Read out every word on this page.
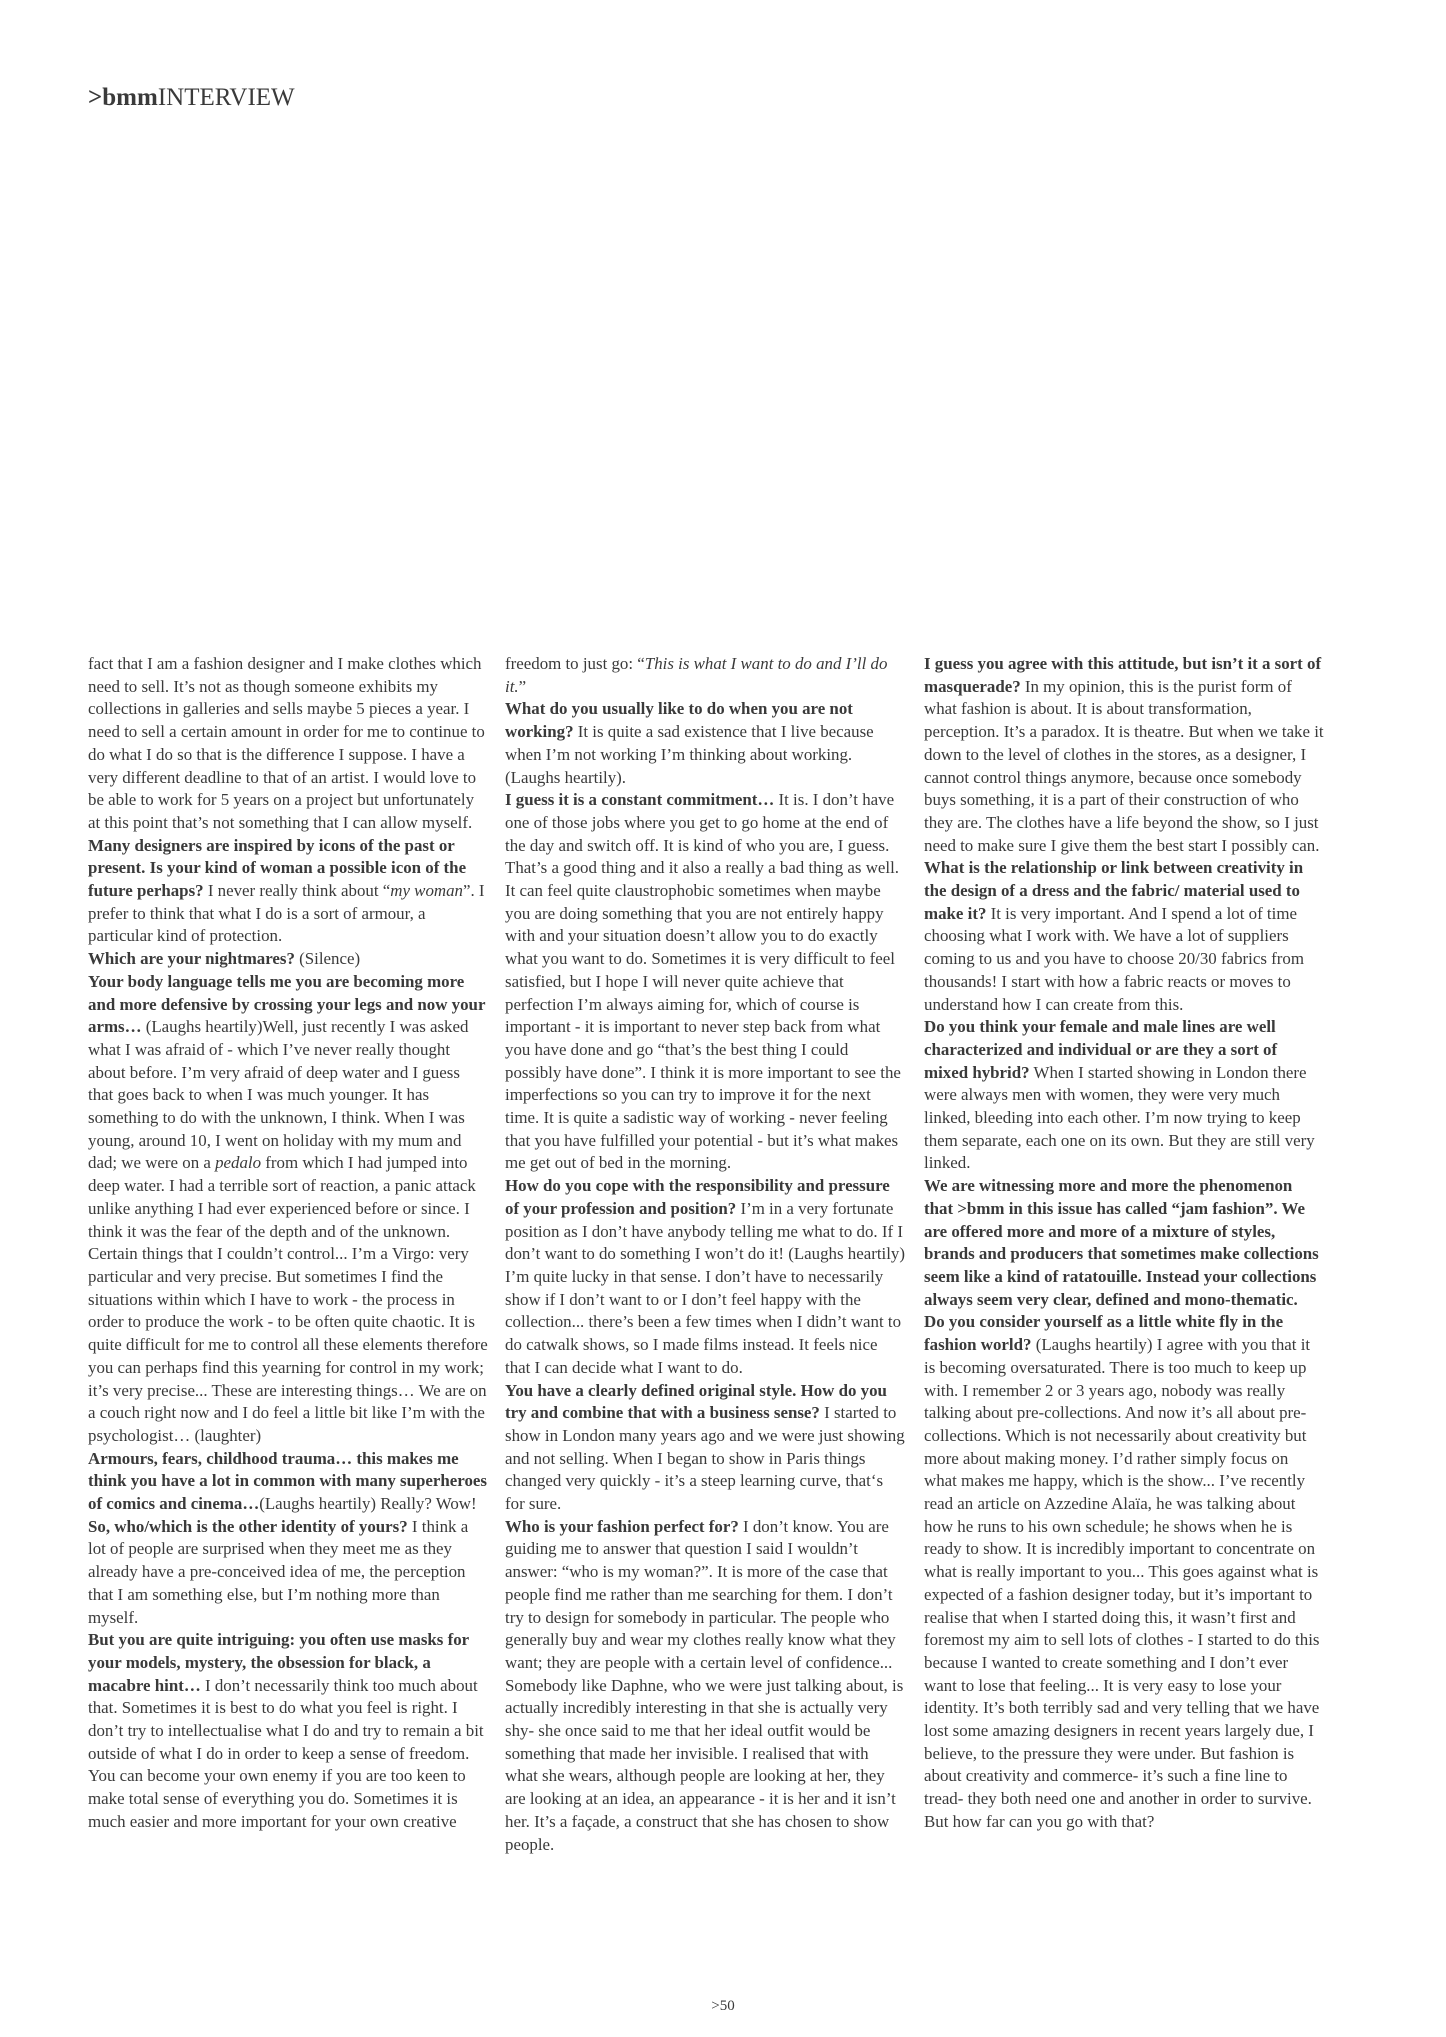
>bmmINTERVIEW

fact that I am a fashion designer and I make clothes which need to sell. It’s not as though someone exhibits my collections in galleries and sells maybe 5 pieces a year. I need to sell a certain amount in order for me to continue to do what I do so that is the difference I suppose. I have a very different deadline to that of an artist. I would love to be able to work for 5 years on a project but unfortunately at this point that’s not something that I can allow myself.

Many designers are inspired by icons of the past or present. Is your kind of woman a possible icon of the future perhaps? I never really think about “my woman”. I prefer to think that what I do is a sort of armour, a particular kind of protection.

Which are your nightmares? (Silence)

Your body language tells me you are becoming more and more defensive by crossing your legs and now your arms… (Laughs heartily)Well, just recently I was asked what I was afraid of - which I’ve never really thought about before. I’m very afraid of deep water and I guess that goes back to when I was much younger. It has something to do with the unknown, I think. When I was young, around 10, I went on holiday with my mum and dad; we were on a pedalo from which I had jumped into deep water. I had a terrible sort of reaction, a panic attack unlike anything I had ever experienced before or since. I think it was the fear of the depth and of the unknown. Certain things that I couldn’t control... I’m a Virgo: very particular and very precise. But sometimes I find the situations within which I have to work - the process in order to produce the work - to be often quite chaotic. It is quite difficult for me to control all these elements therefore you can perhaps find this yearning for control in my work; it’s very precise... These are interesting things… We are on a couch right now and I do feel a little bit like I’m with the psychologist… (laughter)

Armours, fears, childhood trauma… this makes me think you have a lot in common with many superheroes of comics and cinema…(Laughs heartily) Really? Wow!

So, who/which is the other identity of yours? I think a lot of people are surprised when they meet me as they already have a pre-conceived idea of me, the perception that I am something else, but I’m nothing more than myself.

But you are quite intriguing: you often use masks for your models, mystery, the obsession for black, a macabre hint… I don’t necessarily think too much about that. Sometimes it is best to do what you feel is right. I don’t try to intellectualise what I do and try to remain a bit outside of what I do in order to keep a sense of freedom. You can become your own enemy if you are too keen to make total sense of everything you do. Sometimes it is much easier and more important for your own creative

freedom to just go: “This is what I want to do and I’ll do it.”

What do you usually like to do when you are not working? It is quite a sad existence that I live because when I’m not working I’m thinking about working. (Laughs heartily).

I guess it is a constant commitment… It is. I don’t have one of those jobs where you get to go home at the end of the day and switch off. It is kind of who you are, I guess. That’s a good thing and it also a really a bad thing as well. It can feel quite claustrophobic sometimes when maybe you are doing something that you are not entirely happy with and your situation doesn’t allow you to do exactly what you want to do. Sometimes it is very difficult to feel satisfied, but I hope I will never quite achieve that perfection I’m always aiming for, which of course is important - it is important to never step back from what you have done and go “that’s the best thing I could possibly have done”. I think it is more important to see the imperfections so you can try to improve it for the next time. It is quite a sadistic way of working - never feeling that you have fulfilled your potential - but it’s what makes me get out of bed in the morning.

How do you cope with the responsibility and pressure of your profession and position? I’m in a very fortunate position as I don’t have anybody telling me what to do. If I don’t want to do something I won’t do it! (Laughs heartily) I’m quite lucky in that sense. I don’t have to necessarily show if I don’t want to or I don’t feel happy with the collection... there’s been a few times when I didn’t want to do catwalk shows, so I made films instead. It feels nice that I can decide what I want to do.

You have a clearly defined original style. How do you try and combine that with a business sense? I started to show in London many years ago and we were just showing and not selling. When I began to show in Paris things changed very quickly - it’s a steep learning curve, that‘s for sure.

Who is your fashion perfect for? I don’t know. You are guiding me to answer that question I said I wouldn’t answer: “who is my woman?”. It is more of the case that people find me rather than me searching for them. I don’t try to design for somebody in particular. The people who generally buy and wear my clothes really know what they want; they are people with a certain level of confidence... Somebody like Daphne, who we were just talking about, is actually incredibly interesting in that she is actually very shy- she once said to me that her ideal outfit would be something that made her invisible. I realised that with what she wears, although people are looking at her, they are looking at an idea, an appearance - it is her and it isn’t her. It’s a façade, a construct that she has chosen to show people.

I guess you agree with this attitude, but isn’t it a sort of masquerade? In my opinion, this is the purist form of what fashion is about. It is about transformation, perception. It’s a paradox. It is theatre. But when we take it down to the level of clothes in the stores, as a designer, I cannot control things anymore, because once somebody buys something, it is a part of their construction of who they are. The clothes have a life beyond the show, so I just need to make sure I give them the best start I possibly can.

What is the relationship or link between creativity in the design of a dress and the fabric/ material used to make it? It is very important. And I spend a lot of time choosing what I work with. We have a lot of suppliers coming to us and you have to choose 20/30 fabrics from thousands! I start with how a fabric reacts or moves to understand how I can create from this.

Do you think your female and male lines are well characterized and individual or are they a sort of mixed hybrid? When I started showing in London there were always men with women, they were very much linked, bleeding into each other. I’m now trying to keep them separate, each one on its own. But they are still very linked.

We are witnessing more and more the phenomenon that >bmm in this issue has called “jam fashion”. We are offered more and more of a mixture of styles, brands and producers that sometimes make collections seem like a kind of ratatouille. Instead your collections always seem very clear, defined and mono-thematic.

Do you consider yourself as a little white fly in the fashion world? (Laughs heartily) I agree with you that it is becoming oversaturated. There is too much to keep up with. I remember 2 or 3 years ago, nobody was really talking about pre-collections. And now it’s all about pre-collections. Which is not necessarily about creativity but more about making money. I’d rather simply focus on what makes me happy, which is the show... I’ve recently read an article on Azzedine Alaïa, he was talking about how he runs to his own schedule; he shows when he is ready to show. It is incredibly important to concentrate on what is really important to you... This goes against what is expected of a fashion designer today, but it’s important to realise that when I started doing this, it wasn’t first and foremost my aim to sell lots of clothes - I started to do this because I wanted to create something and I don’t ever want to lose that feeling... It is very easy to lose your identity. It’s both terribly sad and very telling that we have lost some amazing designers in recent years largely due, I believe, to the pressure they were under. But fashion is about creativity and commerce- it’s such a fine line to tread- they both need one and another in order to survive. But how far can you go with that?

>50
